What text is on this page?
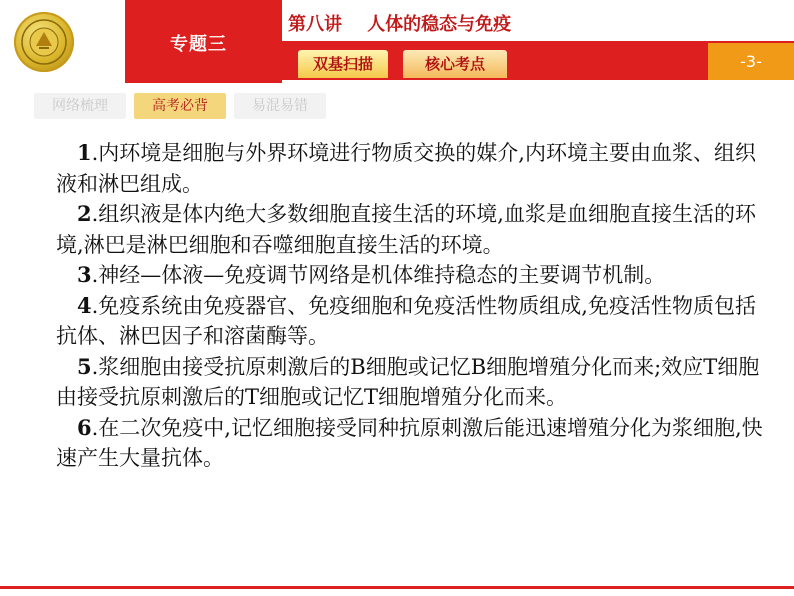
专题三
第八讲    人体的稳态与免疫
双基扫描	核心考点	-3-
网络梳理	高考必背	易混易错

1.内环境是细胞与外界环境进行物质交换的媒介,内环境主要由血浆、组织液和淋巴组成。

2.组织液是体内绝大多数细胞直接生活的环境,血浆是血细胞直接生活的环境,淋巴是淋巴细胞和吞噬细胞直接生活的环境。

3.神经—体液—免疫调节网络是机体维持稳态的主要调节机制。

4.免疫系统由免疫器官、免疫细胞和免疫活性物质组成,免疫活性物质包括抗体、淋巴因子和溶菌酶等。

5.浆细胞由接受抗原刺激后的B细胞或记忆B细胞增殖分化而来;效应T细胞由接受抗原刺激后的T细胞或记忆T细胞增殖分化而来。

6.在二次免疫中,记忆细胞接受同种抗原刺激后能迅速增殖分化为浆细胞,快速产生大量抗体。
